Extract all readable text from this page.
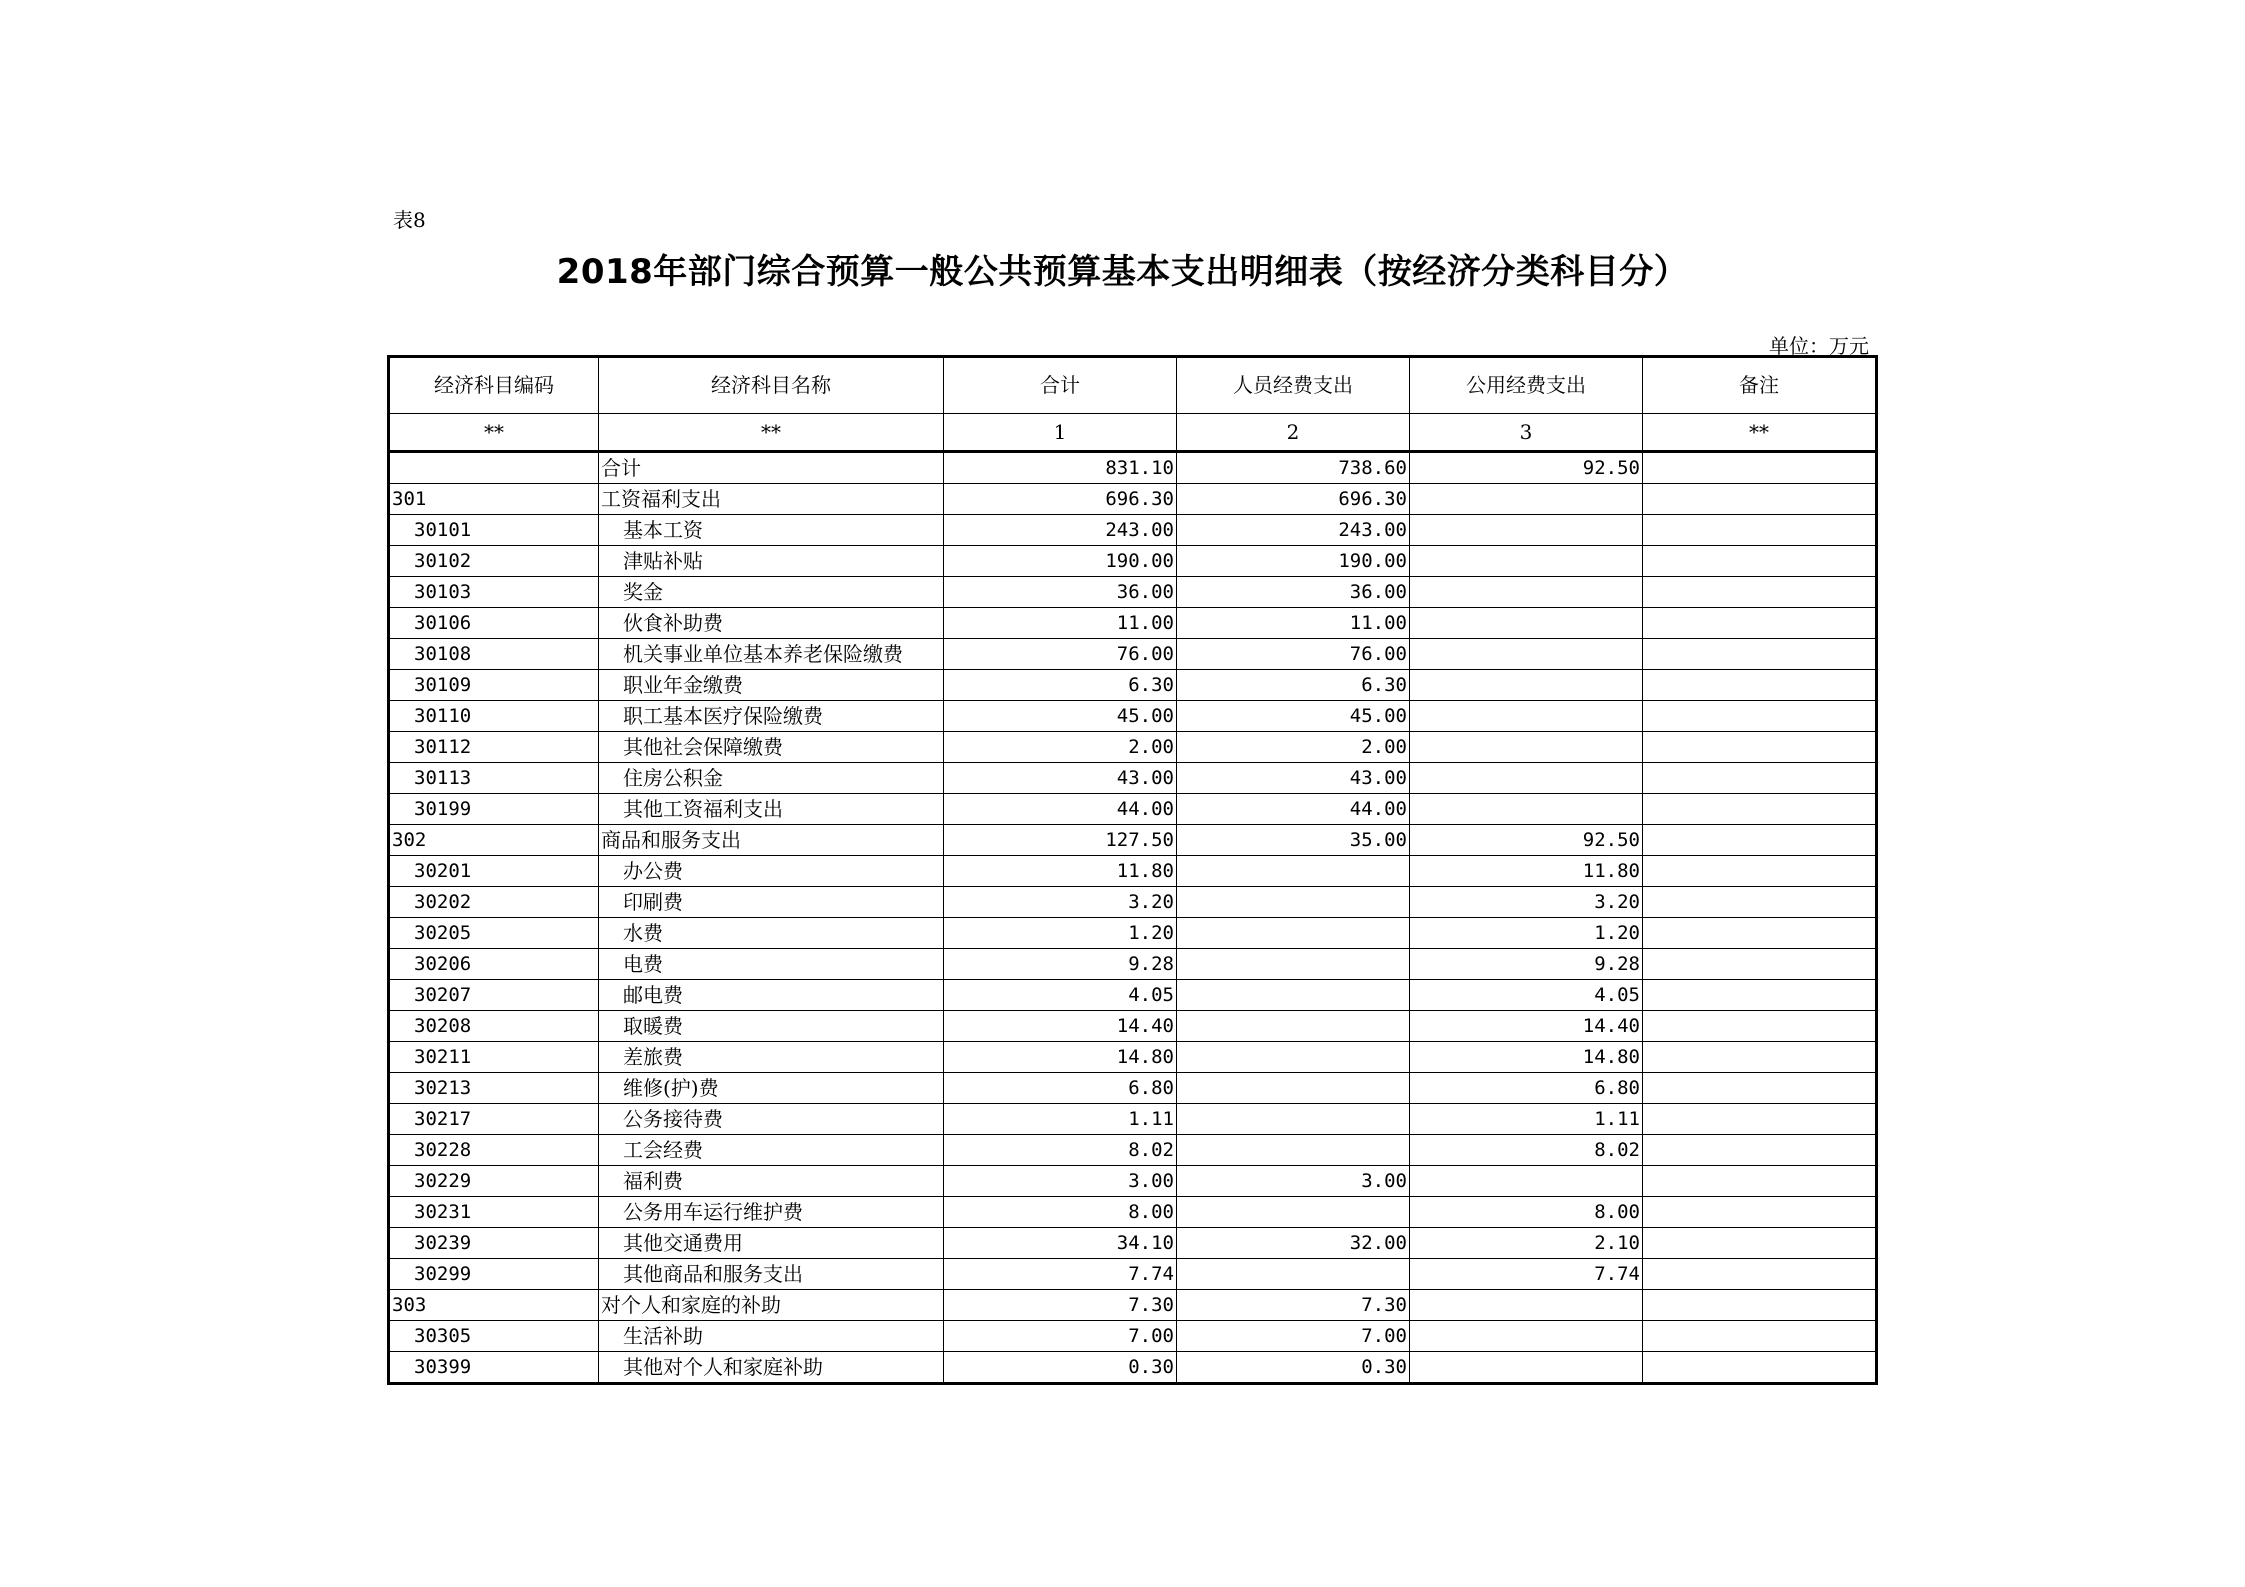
表8
2018年部门综合预算一般公共预算基本支出明细表（按经济分类科目分）
单位：万元
经济科目编码	经济科目名称	合计	人员经费支出	公用经费支出	备注
**	**	1	2	3	**
	合计	831.10	738.60	92.50	
301	工资福利支出	696.30	696.30		
30101	基本工资	243.00	243.00		
30102	津贴补贴	190.00	190.00		
30103	奖金	36.00	36.00		
30106	伙食补助费	11.00	11.00		
30108	机关事业单位基本养老保险缴费	76.00	76.00		
30109	职业年金缴费	6.30	6.30		
30110	职工基本医疗保险缴费	45.00	45.00		
30112	其他社会保障缴费	2.00	2.00		
30113	住房公积金	43.00	43.00		
30199	其他工资福利支出	44.00	44.00		
302	商品和服务支出	127.50	35.00	92.50	
30201	办公费	11.80		11.80	
30202	印刷费	3.20		3.20	
30205	水费	1.20		1.20	
30206	电费	9.28		9.28	
30207	邮电费	4.05		4.05	
30208	取暖费	14.40		14.40	
30211	差旅费	14.80		14.80	
30213	维修(护)费	6.80		6.80	
30217	公务接待费	1.11		1.11	
30228	工会经费	8.02		8.02	
30229	福利费	3.00	3.00		
30231	公务用车运行维护费	8.00		8.00	
30239	其他交通费用	34.10	32.00	2.10	
30299	其他商品和服务支出	7.74		7.74	
303	对个人和家庭的补助	7.30	7.30		
30305	生活补助	7.00	7.00		
30399	其他对个人和家庭补助	0.30	0.30		
